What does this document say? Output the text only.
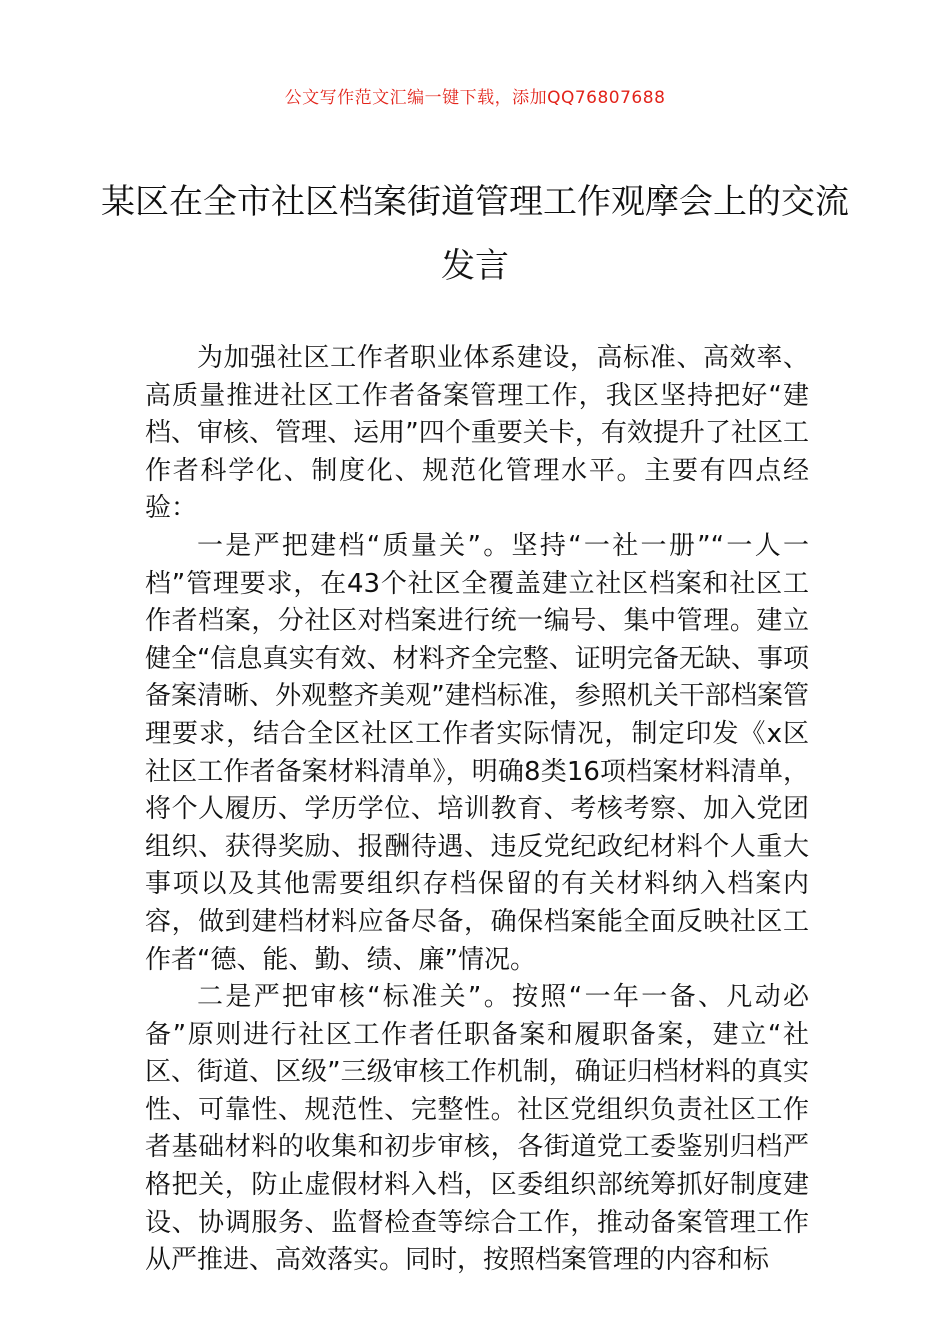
公文写作范文汇编一键下载，添加QQ76807688
某区在全市社区档案街道管理工作观摩会上的交流发言

为加强社区工作者职业体系建设，高标准、高效率、高质量推进社区工作者备案管理工作，我区坚持把好“建档、审核、管理、运用”四个重要关卡，有效提升了社区工作者科学化、制度化、规范化管理水平。主要有四点经验：

一是严把建档“质量关”。坚持“一社一册”“一人一档”管理要求，在43个社区全覆盖建立社区档案和社区工作者档案，分社区对档案进行统一编号、集中管理。建立健全“信息真实有效、材料齐全完整、证明完备无缺、事项备案清晰、外观整齐美观”建档标准，参照机关干部档案管理要求，结合全区社区工作者实际情况，制定印发《x区社区工作者备案材料清单》，明确8类16项档案材料清单，将个人履历、学历学位、培训教育、考核考察、加入党团组织、获得奖励、报酬待遇、违反党纪政纪材料个人重大事项以及其他需要组织存档保留的有关材料纳入档案内容，做到建档材料应备尽备，确保档案能全面反映社区工作者“德、能、勤、绩、廉”情况。

二是严把审核“标准关”。按照“一年一备、凡动必备”原则进行社区工作者任职备案和履职备案，建立“社区、街道、区级”三级审核工作机制，确证归档材料的真实性、可靠性、规范性、完整性。社区党组织负责社区工作者基础材料的收集和初步审核，各街道党工委鉴别归档严格把关，防止虚假材料入档，区委组织部统筹抓好制度建设、协调服务、监督检查等综合工作，推动备案管理工作从严推进、高效落实。同时，按照档案管理的内容和标
